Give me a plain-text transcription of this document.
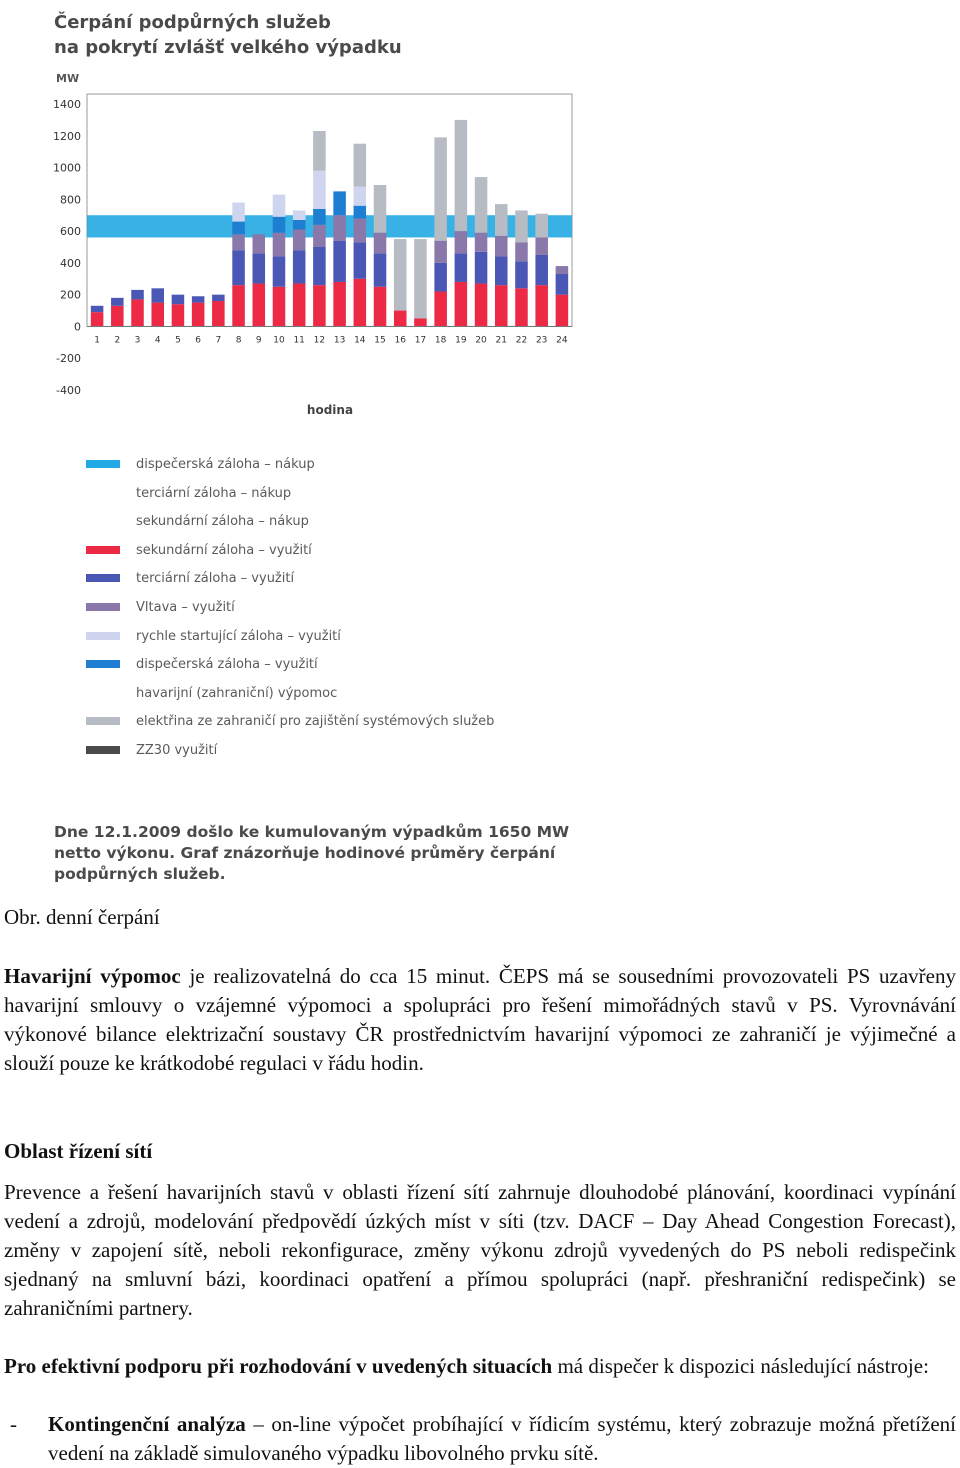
Čerpání podpůrných služeb
na pokrytí zvlášť velkého výpadku
MW
1400
1200
1000
800
600
400
200
0
-200
-400
1 2 3 4 5 6 7 8 9 10 11 12 13 14 15 16 17 18 19 20 21 22 23 24
hodina
dispečerská záloha – nákup
terciární záloha – nákup
sekundární záloha – nákup
sekundární záloha – využití
terciární záloha – využití
Vltava – využití
rychle startující záloha – využití
dispečerská záloha – využití
havarijní (zahraniční) výpomoc
elektřina ze zahraničí pro zajištění systémových služeb
ZZ30 využití
Dne 12.1.2009 došlo ke kumulovaným výpadkům 1650 MW netto výkonu. Graf znázorňuje hodinové průměry čerpání podpůrných služeb.
Obr. denní čerpání

Havarijní výpomoc je realizovatelná do cca 15 minut. ČEPS má se sousedními provozovateli PS uzavřeny havarijní smlouvy o vzájemné výpomoci a spolupráci pro řešení mimořádných stavů v PS. Vyrovnávání výkonové bilance elektrizační soustavy ČR prostřednictvím havarijní výpomoci ze zahraničí je výjimečné a slouží pouze ke krátkodobé regulaci v řádu hodin.

Oblast řízení sítí

Prevence a řešení havarijních stavů v oblasti řízení sítí zahrnuje dlouhodobé plánování, koordinaci vypínání vedení a zdrojů, modelování předpovědí úzkých míst v síti (tzv. DACF – Day Ahead Congestion Forecast), změny v zapojení sítě, neboli rekonfigurace, změny výkonu zdrojů vyvedených do PS neboli redispečink sjednaný na smluvní bázi, koordinaci opatření a přímou spolupráci (např. přeshraniční redispečink) se zahraničními partnery.

Pro efektivní podporu při rozhodování v uvedených situacích má dispečer k dispozici následující nástroje:

- Kontingenční analýza – on-line výpočet probíhající v řídicím systému, který zobrazuje možná přetížení vedení na základě simulovaného výpadku libovolného prvku sítě.
